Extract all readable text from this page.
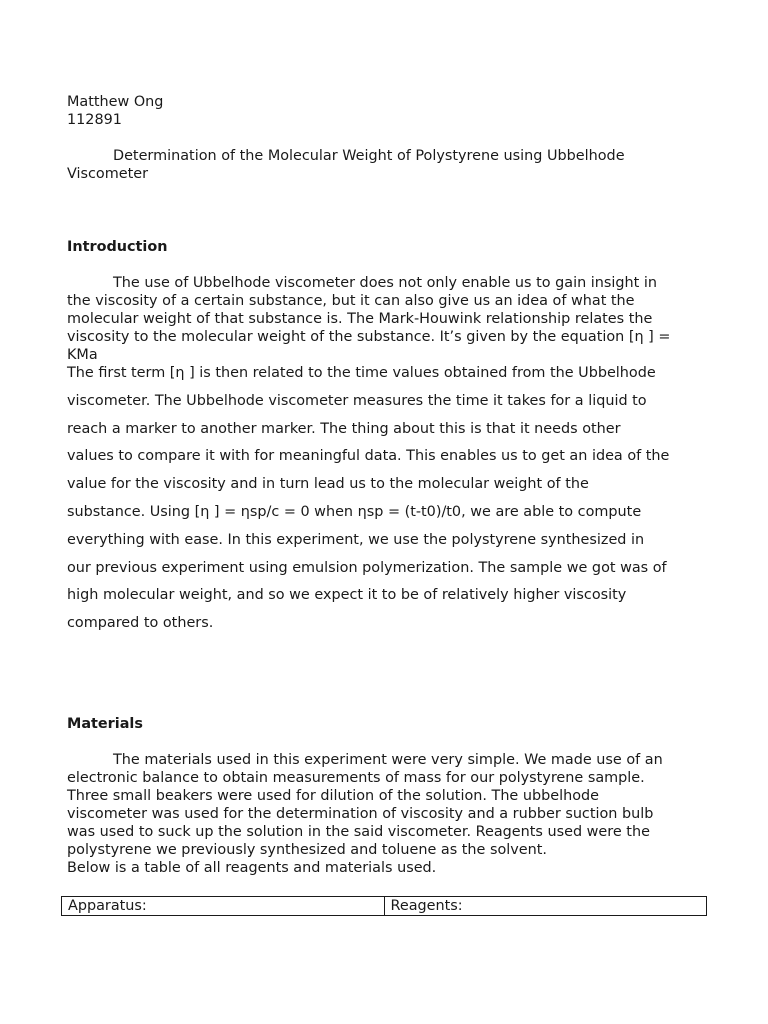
Matthew Ong

112891

Determination of the Molecular Weight of Polystyrene using Ubbelhode

Viscometer

Introduction

The use of Ubbelhode viscometer does not only enable us to gain insight in
the viscosity of a certain substance, but it can also give us an idea of what the
molecular weight of that substance is. The Mark-Houwink relationship relates the
viscosity to the molecular weight of the substance. It’s given by the equation [η ] =
KMa
The first term [η ] is then related to the time values obtained from the Ubbelhode
viscometer. The Ubbelhode viscometer measures the time it takes for a liquid to
reach a marker to another marker. The thing about this is that it needs other
values to compare it with for meaningful data. This enables us to get an idea of the
value for the viscosity and in turn lead us to the molecular weight of the
substance. Using [η ] = ηsp/c = 0 when ηsp = (t-t0)/t0, we are able to compute
everything with ease. In this experiment, we use the polystyrene synthesized in
our previous experiment using emulsion polymerization. The sample we got was of
high molecular weight, and so we expect it to be of relatively higher viscosity
compared to others.

Materials

The materials used in this experiment were very simple. We made use of an
electronic balance to obtain measurements of mass for our polystyrene sample.
Three small beakers were used for dilution of the solution. The ubbelhode
viscometer was used for the determination of viscosity and a rubber suction bulb
was used to suck up the solution in the said viscometer. Reagents used were the
polystyrene we previously synthesized and toluene as the solvent.
Below is a table of all reagents and materials used.
Apparatus:	Reagents:
